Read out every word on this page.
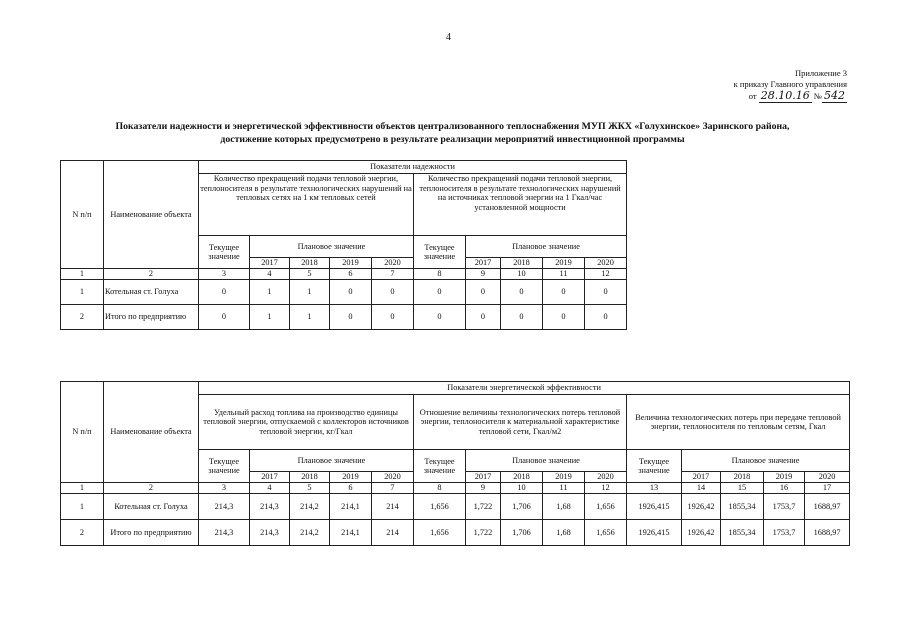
4
Приложение 3
к приказу Главного управления
от 28.10.16 № 542
Показатели надежности и энергетической эффективности объектов централизованного теплоснабжения МУП ЖКХ «Голухинское» Заринского района,
достижение которых предусмотрено в результате реализации мероприятий инвестиционной программы
N п/п	Наименование объекта	Показатели надежности										
		Количество прекращений подачи тепловой энергии, теплоносителя в результате технологических нарушений на тепловых сетях на 1 км тепловых сетей					Количество прекращений подачи тепловой энергии, теплоносителя в результате технологических нарушений на источниках тепловой энергии на 1 Гкал/час установленной мощности					
		Текущее значение	Плановое значение				Текущее значение	Плановое значение				
			2017	2018	2019	2020		2017	2018	2019	2020	
1	2	3	4	5	6	7	8	9	10	11	12	
1	Котельная ст. Голуха	0	1	1	0	0	0	0	0	0	0	
2	Итого по предприятию	0	1	1	0	0	0	0	0	0	0	
N п/п	Наименование объекта	Показатели энергетической эффективности														
		Удельный расход топлива на производство единицы тепловой энергии, отпускаемой с коллекторов источников тепловой энергии, кг/Гкал					Отношение величины технологических потерь тепловой энергии, теплоносителя к материальной характеристике тепловой сети, Гкал/м2					Величина технологических потерь при передаче тепловой энергии, теплоносителя по тепловым сетям, Гкал				
		Текущее значение	Плановое значение				Текущее значение	Плановое значение				Текущее значение	Плановое значение			
			2017	2018	2019	2020		2017	2018	2019	2020		2017	2018	2019	2020
1	2	3	4	5	6	7	8	9	10	11	12	13	14	15	16	17
1	Котельная ст. Голуха	214,3	214,3	214,2	214,1	214	1,656	1,722	1,706	1,68	1,656	1926,415	1926,42	1855,34	1753,7	1688,97
2	Итого по предприятию	214,3	214,3	214,2	214,1	214	1,656	1,722	1,706	1,68	1,656	1926,415	1926,42	1855,34	1753,7	1688,97
